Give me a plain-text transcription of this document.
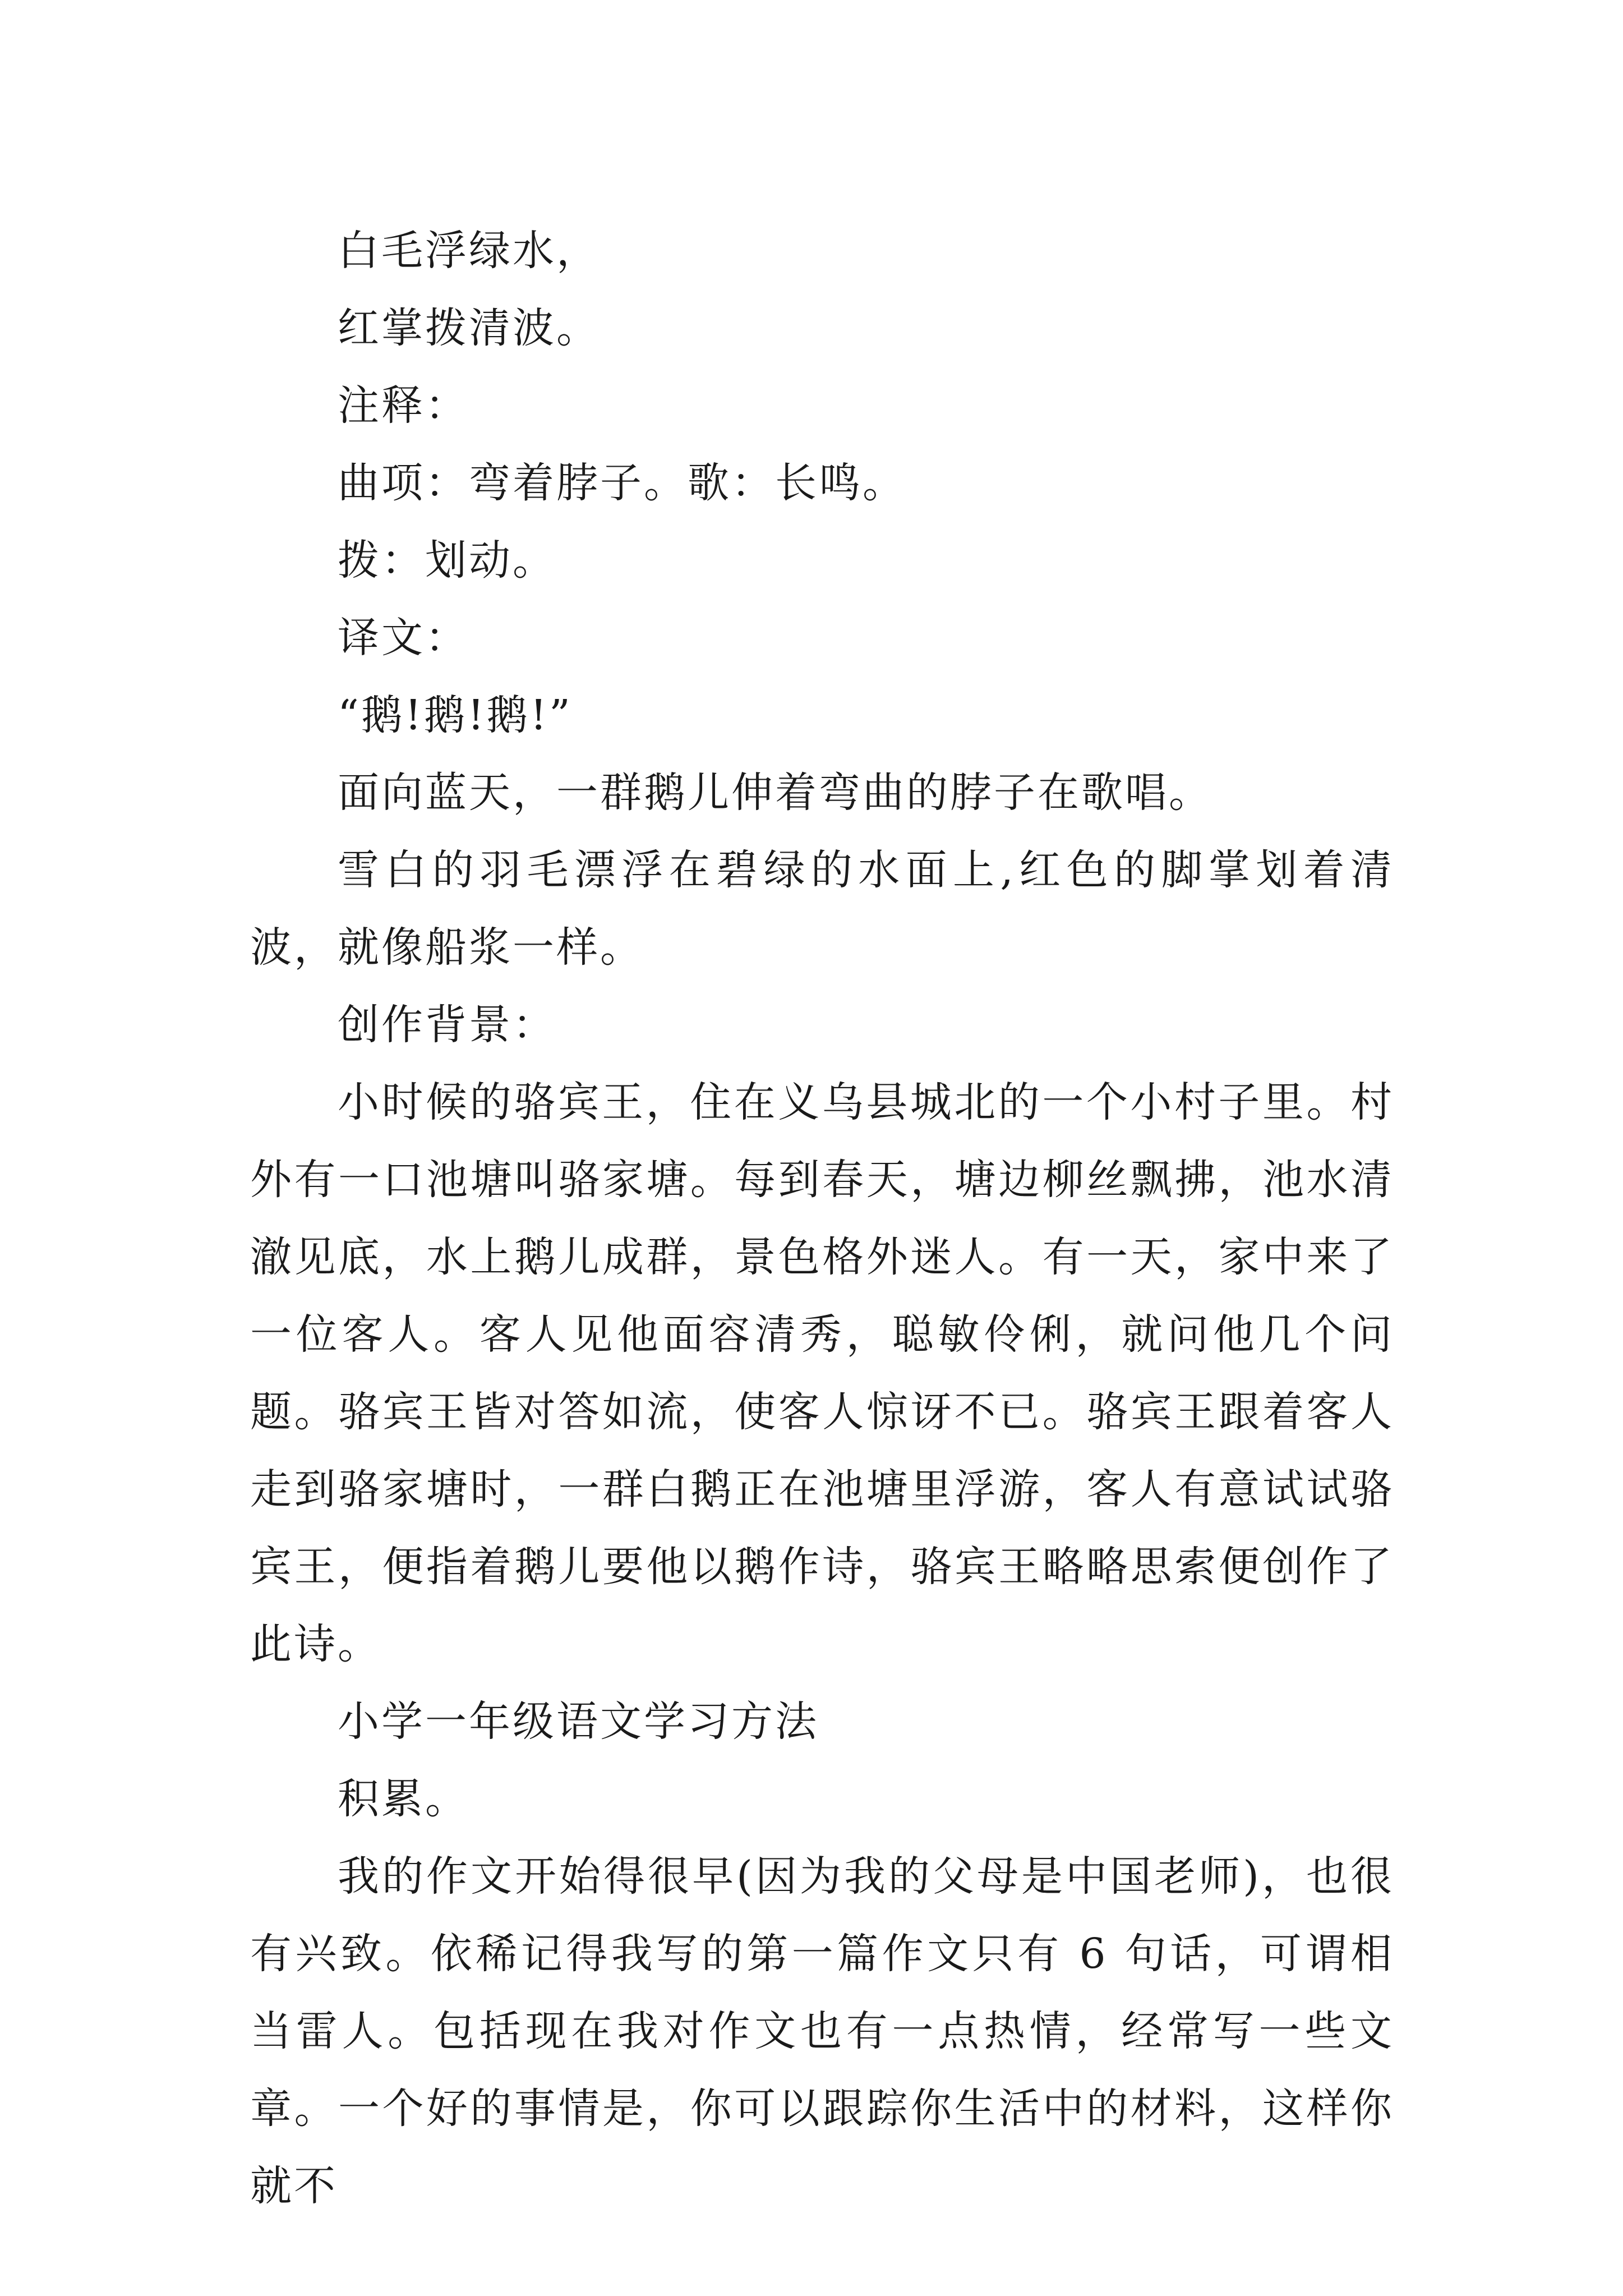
白毛浮绿水，

红掌拨清波。

注释：

曲项：弯着脖子。歌：长鸣。

拨：划动。

译文：

“鹅!鹅!鹅!”

面向蓝天，一群鹅儿伸着弯曲的脖子在歌唱。

雪白的羽毛漂浮在碧绿的水面上,红色的脚掌划着清波，就像船浆一样。

创作背景：

小时候的骆宾王，住在义乌县城北的一个小村子里。村外有一口池塘叫骆家塘。每到春天，塘边柳丝飘拂，池水清澈见底，水上鹅儿成群，景色格外迷人。有一天，家中来了一位客人。客人见他面容清秀，聪敏伶俐，就问他几个问题。骆宾王皆对答如流，使客人惊讶不已。骆宾王跟着客人走到骆家塘时，一群白鹅正在池塘里浮游，客人有意试试骆宾王，便指着鹅儿要他以鹅作诗，骆宾王略略思索便创作了此诗。

小学一年级语文学习方法

积累。

我的作文开始得很早(因为我的父母是中国老师)，也很有兴致。依稀记得我写的第一篇作文只有 6 句话，可谓相当雷人。包括现在我对作文也有一点热情，经常写一些文章。一个好的事情是，你可以跟踪你生活中的材料，这样你就不
